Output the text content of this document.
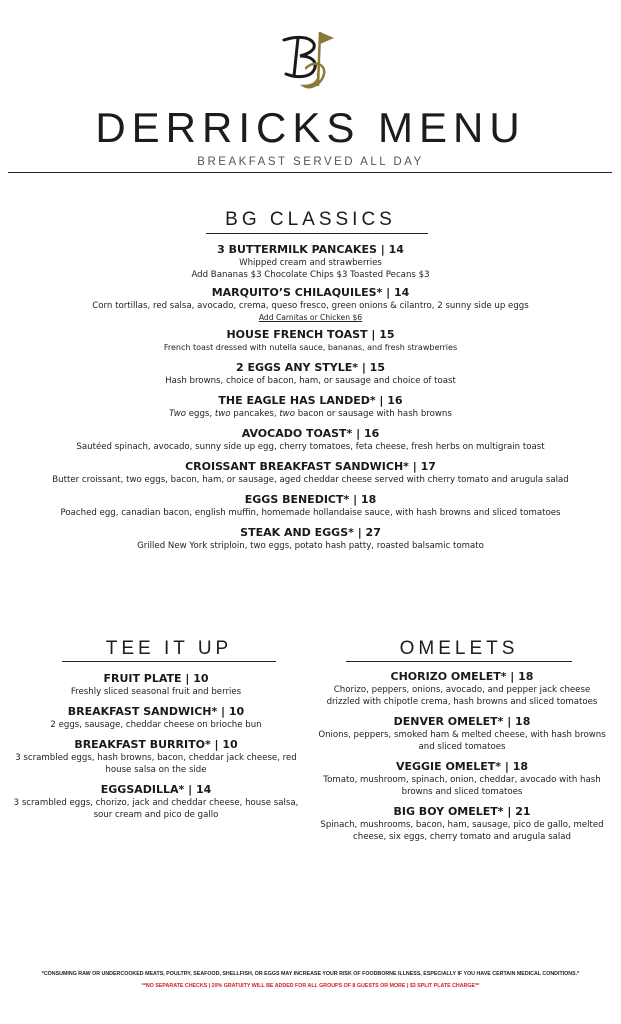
DERRICKS MENU
BREAKFAST SERVED ALL DAY
BG CLASSICS
3 BUTTERMILK PANCAKES | 14
Whipped cream and strawberries
Add Bananas $3 Chocolate Chips $3 Toasted Pecans $3
MARQUITO’S CHILAQUILES* | 14
Corn tortillas, red salsa, avocado, crema, queso fresco, green onions & cilantro, 2 sunny side up eggs
Add Carnitas or Chicken $6
HOUSE FRENCH TOAST | 15
French toast dressed with nutella sauce, bananas, and fresh strawberries
2 EGGS ANY STYLE* | 15
Hash browns, choice of bacon, ham, or sausage and choice of toast
THE EAGLE HAS LANDED* | 16
Two eggs, two pancakes, two bacon or sausage with hash browns
AVOCADO TOAST* | 16
Sautéed spinach, avocado, sunny side up egg, cherry tomatoes, feta cheese, fresh herbs on multigrain toast
CROISSANT BREAKFAST SANDWICH* | 17
Butter croissant, two eggs, bacon, ham, or sausage, aged cheddar cheese served with cherry tomato and arugula salad
EGGS BENEDICT* | 18
Poached egg, canadian bacon, english muffin, homemade hollandaise sauce, with hash browns and sliced tomatoes
STEAK AND EGGS* | 27
Grilled New York striploin, two eggs, potato hash patty, roasted balsamic tomato
TEE IT UP
FRUIT PLATE | 10
Freshly sliced seasonal fruit and berries
BREAKFAST SANDWICH* | 10
2 eggs, sausage, cheddar cheese on brioche bun
BREAKFAST BURRITO* | 10
3 scrambled eggs, hash browns, bacon, cheddar jack cheese, red house salsa on the side
EGGSADILLA* | 14
3 scrambled eggs, chorizo, jack and cheddar cheese, house salsa, sour cream and pico de gallo
OMELETS
CHORIZO OMELET* | 18
Chorizo, peppers, onions, avocado, and pepper jack cheese drizzled with chipotle crema, hash browns and sliced tomatoes
DENVER OMELET* | 18
Onions, peppers, smoked ham & melted cheese, with hash browns and sliced tomatoes
VEGGIE OMELET* | 18
Tomato, mushroom, spinach, onion, cheddar, avocado with hash browns and sliced tomatoes
BIG BOY OMELET* | 21
Spinach, mushrooms, bacon, ham, sausage, pico de gallo, melted cheese, six eggs, cherry tomato and arugula salad
*CONSUMING RAW OR UNDERCOOKED MEATS, POULTRY, SEAFOOD, SHELLFISH, OR EGGS MAY INCREASE YOUR RISK OF FOODBORNE ILLNESS, ESPECIALLY IF YOU HAVE CERTAIN MEDICAL CONDITIONS.*
**NO SEPARATE CHECKS | 20% GRATUITY WILL BE ADDED FOR ALL GROUPS OF 8 GUESTS OR MORE | $3 SPLIT PLATE CHARGE**
